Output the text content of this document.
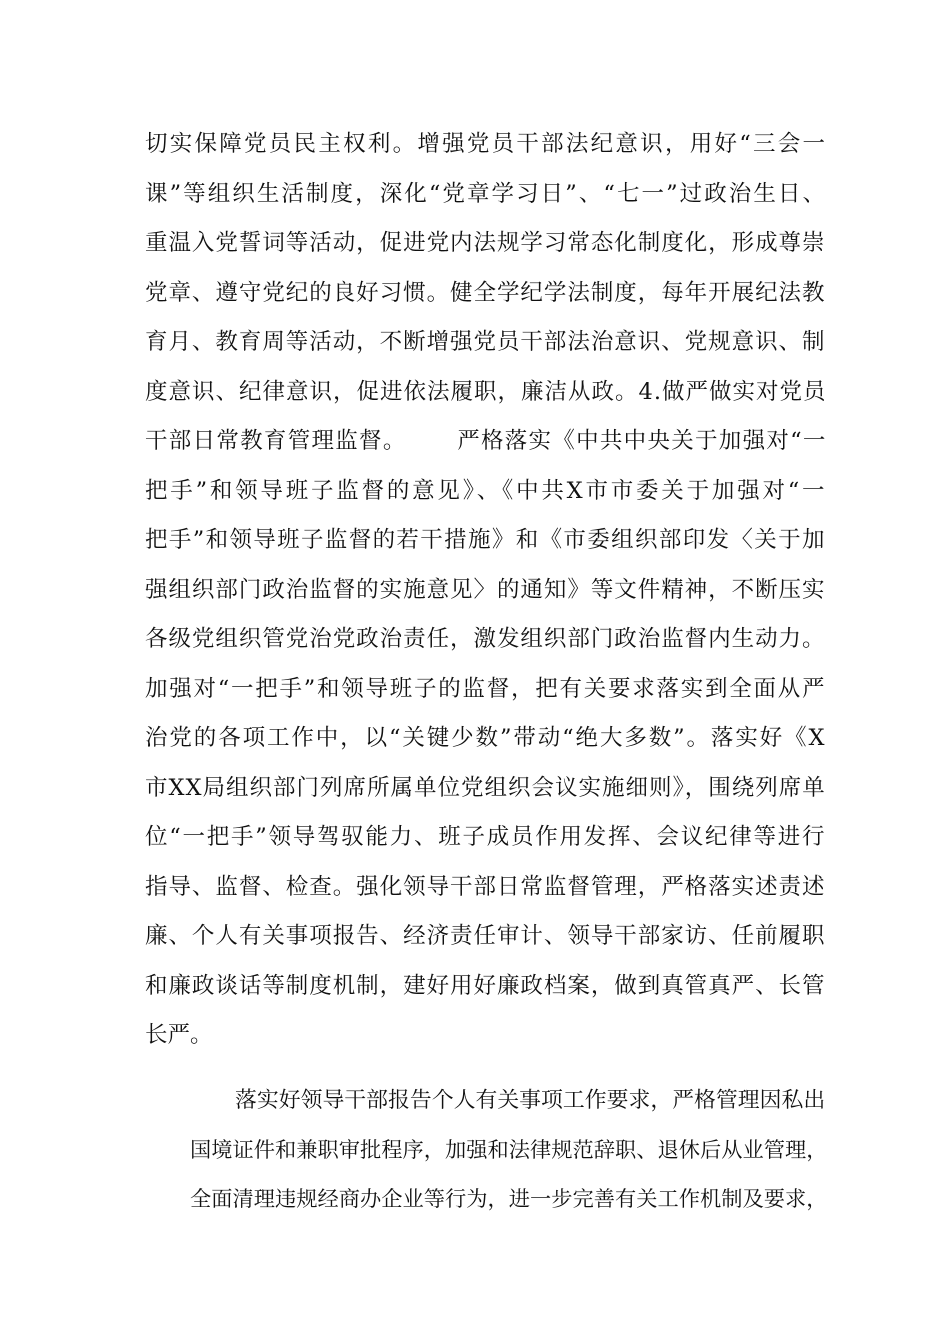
切实保障党员民主权利。增强党员干部法纪意识，用好“三会一
课”等组织生活制度，深化“党章学习日”、“七一”过政治生日、
重温入党誓词等活动，促进党内法规学习常态化制度化，形成尊崇
党章、遵守党纪的良好习惯。健全学纪学法制度，每年开展纪法教
育月、教育周等活动，不断增强党员干部法治意识、党规意识、制
度意识、纪律意识，促进依法履职，廉洁从政。4.做严做实对党员
干部日常教育管理监督。      严格落实《中共中央关于加强对“一
把手”和领导班子监督的意见》、《中共X市市委关于加强对“一
把手”和领导班子监督的若干措施》和《市委组织部印发〈关于加
强组织部门政治监督的实施意见〉的通知》等文件精神，不断压实
各级党组织管党治党政治责任，激发组织部门政治监督内生动力。
加强对“一把手”和领导班子的监督，把有关要求落实到全面从严
治党的各项工作中，以“关键少数”带动“绝大多数”。落实好《X
市XX局组织部门列席所属单位党组织会议实施细则》，围绕列席单
位“一把手”领导驾驭能力、班子成员作用发挥、会议纪律等进行
指导、监督、检查。强化领导干部日常监督管理，严格落实述责述
廉、个人有关事项报告、经济责任审计、领导干部家访、任前履职
和廉政谈话等制度机制，建好用好廉政档案，做到真管真严、长管
长严。
落实好领导干部报告个人有关事项工作要求，严格管理因私出
国境证件和兼职审批程序，加强和法律规范辞职、退休后从业管理，
全面清理违规经商办企业等行为，进一步完善有关工作机制及要求，
